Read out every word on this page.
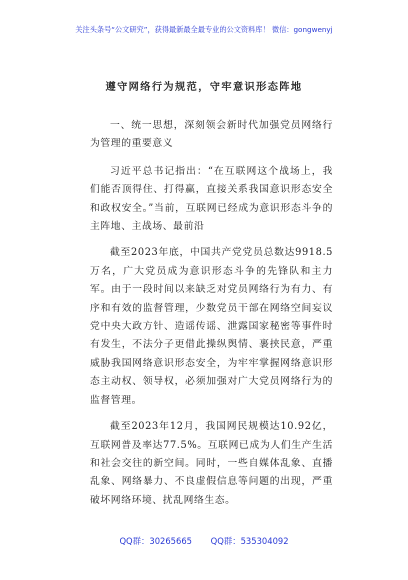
关注头条号“公文研究”，获得最新最全最专业的公文资料库！ 微信：gongwenyj
遵守网络行为规范，守牢意识形态阵地

一、统一思想，深刻领会新时代加强党员网络行为管理的重要意义

习近平总书记指出：“在互联网这个战场上，我们能否顶得住、打得赢，直接关系我国意识形态安全和政权安全。”当前，互联网已经成为意识形态斗争的主阵地、主战场、最前沿

截至2023年底，中国共产党党员总数达9918.5万名，广大党员成为意识形态斗争的先锋队和主力军。由于一段时间以来缺乏对党员网络行为有力、有序和有效的监督管理，少数党员干部在网络空间妄议党中央大政方针、造谣传谣、泄露国家秘密等事件时有发生，不法分子更借此操纵舆情、裹挟民意，严重威胁我国网络意识形态安全，为牢牢掌握网络意识形态主动权、领导权，必须加强对广大党员网络行为的监督管理。

截至2023年12月，我国网民规模达10.92亿，互联网普及率达77.5%。互联网已成为人们生产生活和社会交往的新空间。同时，一些自媒体乱象、直播乱象、网络暴力、不良虚假信息等问题的出现，严重破坏网络环境、扰乱网络生态。

QQ群：30265665 QQ群：535304092
